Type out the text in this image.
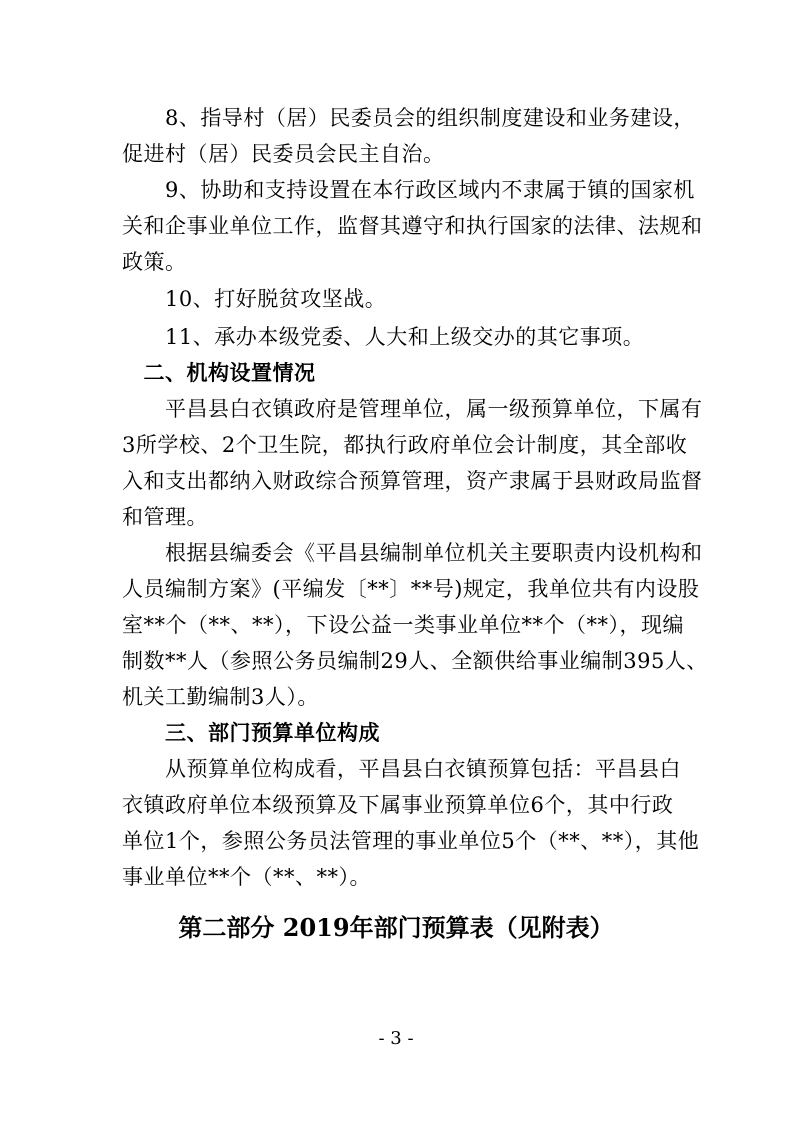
　　8、指导村（居）民委员会的组织制度建设和业务建设，
促进村（居）民委员会民主自治。
　　9、协助和支持设置在本行政区域内不隶属于镇的国家机
关和企事业单位工作，监督其遵守和执行国家的法律、法规和
政策。
　　10、打好脱贫攻坚战。
　　11、承办本级党委、人大和上级交办的其它事项。
　二、机构设置情况
　　平昌县白衣镇政府是管理单位，属一级预算单位，下属有
3所学校、2个卫生院，都执行政府单位会计制度，其全部收
入和支出都纳入财政综合预算管理，资产隶属于县财政局监督
和管理。
　　根据县编委会《平昌县编制单位机关主要职责内设机构和
人员编制方案》(平编发〔**〕**号)规定，我单位共有内设股
室**个（**、**），下设公益一类事业单位**个（**），现编
制数**人（参照公务员编制29人、全额供给事业编制395人、
机关工勤编制3人）。
　　三、部门预算单位构成
　　从预算单位构成看，平昌县白衣镇预算包括：平昌县白
衣镇政府单位本级预算及下属事业预算单位6个，其中行政
单位1个，参照公务员法管理的事业单位5个（**、**），其他
事业单位**个（**、**）。
第二部分 2019年部门预算表（见附表）
- 3 -
